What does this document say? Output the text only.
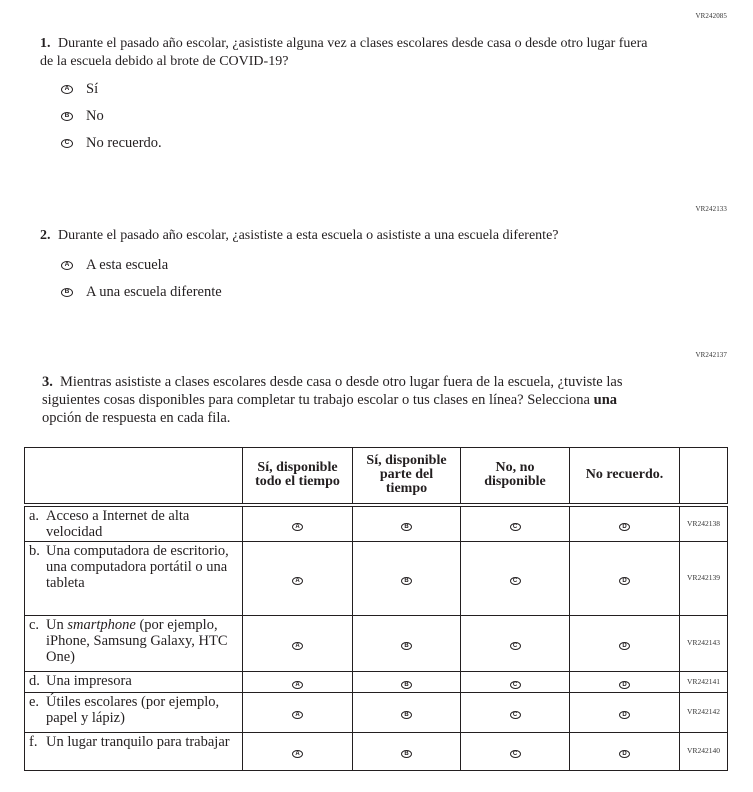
VR242085
1. Durante el pasado año escolar, ¿asististe alguna vez a clases escolares desde casa o desde otro lugar fuera de la escuela debido al brote de COVID-19?
A Sí
B No
C No recuerdo.
VR242133
2. Durante el pasado año escolar, ¿asististe a esta escuela o asististe a una escuela diferente?
A A esta escuela
B A una escuela diferente
VR242137
3. Mientras asististe a clases escolares desde casa o desde otro lugar fuera de la escuela, ¿tuviste las siguientes cosas disponibles para completar tu trabajo escolar o tus clases en línea? Selecciona una opción de respuesta en cada fila.
	Sí, disponible todo el tiempo	Sí, disponible parte del tiempo	No, no disponible	No recuerdo.	

a. Acceso a Internet de alta velocidad	A	B	C	D	VR242138

b. Una computadora de escritorio, una computadora portátil o una tableta	A	B	C	D	VR242139

c. Un smartphone (por ejemplo, iPhone, Samsung Galaxy, HTC One)	A	B	C	D	VR242143

d. Una impresora	A	B	C	D	VR242141

e. Útiles escolares (por ejemplo, papel y lápiz)	A	B	C	D	VR242142

f. Un lugar tranquilo para trabajar	A	B	C	D	VR242140
